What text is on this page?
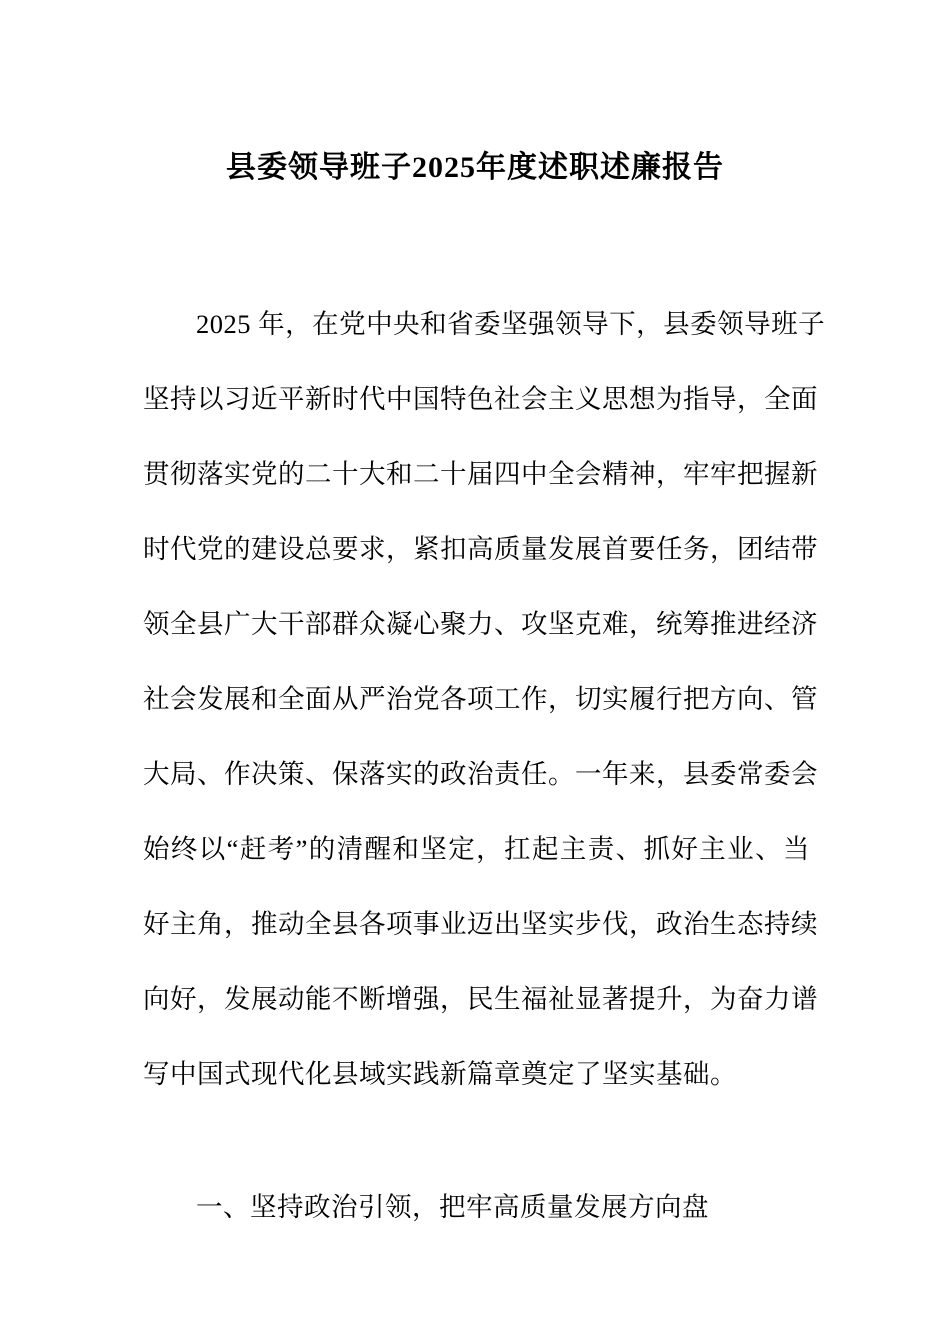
县委领导班子2025年度述职述廉报告
2025 年，在党中央和省委坚强领导下，县委领导班子
坚持以习近平新时代中国特色社会主义思想为指导，全面
贯彻落实党的二十大和二十届四中全会精神，牢牢把握新
时代党的建设总要求，紧扣高质量发展首要任务，团结带
领全县广大干部群众凝心聚力、攻坚克难，统筹推进经济
社会发展和全面从严治党各项工作，切实履行把方向、管
大局、作决策、保落实的政治责任。一年来，县委常委会
始终以“赶考”的清醒和坚定，扛起主责、抓好主业、当
好主角，推动全县各项事业迈出坚实步伐，政治生态持续
向好，发展动能不断增强，民生福祉显著提升，为奋力谱
写中国式现代化县域实践新篇章奠定了坚实基础。
一、坚持政治引领，把牢高质量发展方向盘
